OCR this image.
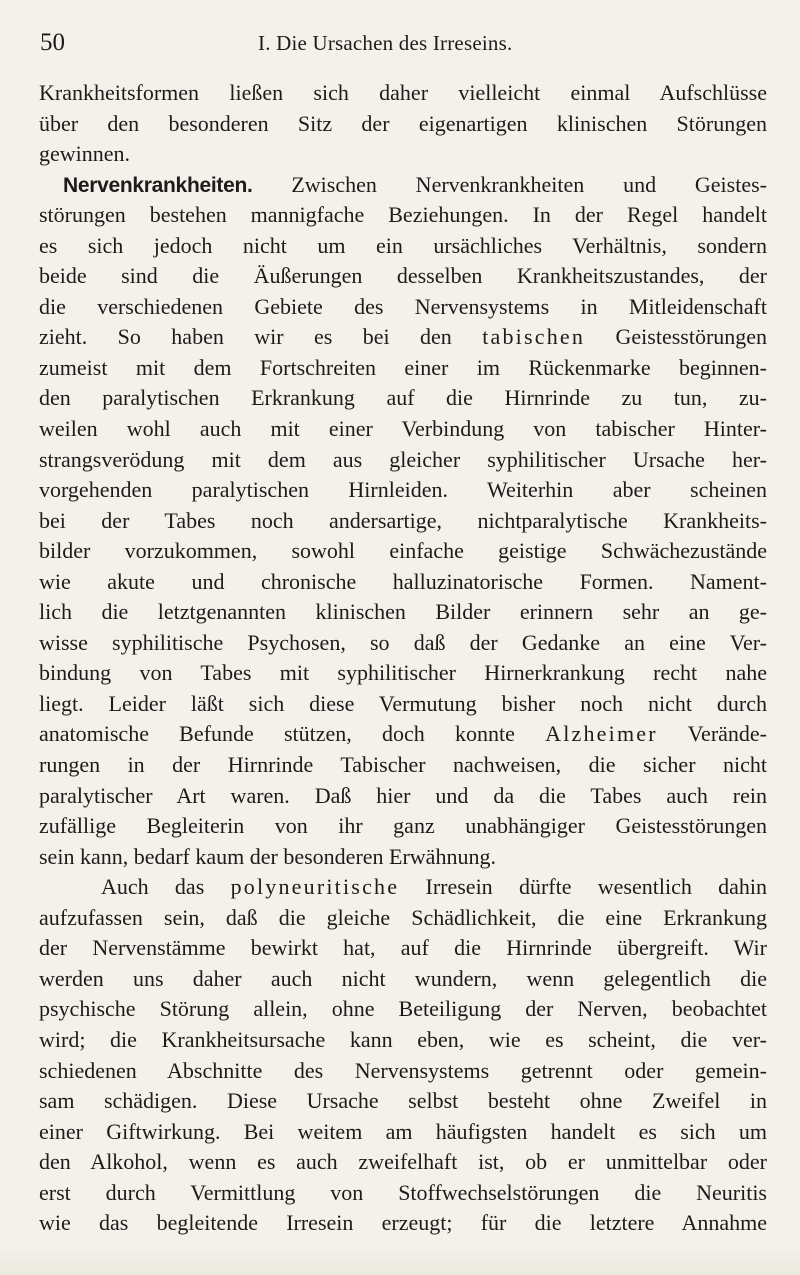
50	I. Die Ursachen des Irreseins.
Krankheitsformen ließen sich daher vielleicht einmal Aufschlüsse
über den besonderen Sitz der eigenartigen klinischen Störungen
gewinnen.
Nervenkrankheiten. Zwischen Nervenkrankheiten und Geistes-
störungen bestehen mannigfache Beziehungen. In der Regel handelt
es sich jedoch nicht um ein ursächliches Verhältnis, sondern
beide sind die Äußerungen desselben Krankheitszustandes, der
die verschiedenen Gebiete des Nervensystems in Mitleidenschaft
zieht. So haben wir es bei den tabischen Geistesstörungen
zumeist mit dem Fortschreiten einer im Rückenmarke beginnen-
den paralytischen Erkrankung auf die Hirnrinde zu tun, zu-
weilen wohl auch mit einer Verbindung von tabischer Hinter-
strangsverödung mit dem aus gleicher syphilitischer Ursache her-
vorgehenden paralytischen Hirnleiden. Weiterhin aber scheinen
bei der Tabes noch andersartige, nichtparalytische Krankheits-
bilder vorzukommen, sowohl einfache geistige Schwächezustände
wie akute und chronische halluzinatorische Formen. Nament-
lich die letztgenannten klinischen Bilder erinnern sehr an ge-
wisse syphilitische Psychosen, so daß der Gedanke an eine Ver-
bindung von Tabes mit syphilitischer Hirnerkrankung recht nahe
liegt. Leider läßt sich diese Vermutung bisher noch nicht durch
anatomische Befunde stützen, doch konnte Alzheimer Verände-
rungen in der Hirnrinde Tabischer nachweisen, die sicher nicht
paralytischer Art waren. Daß hier und da die Tabes auch rein
zufällige Begleiterin von ihr ganz unabhängiger Geistesstörungen
sein kann, bedarf kaum der besonderen Erwähnung.
Auch das polyneuritische Irresein dürfte wesentlich dahin
aufzufassen sein, daß die gleiche Schädlichkeit, die eine Erkrankung
der Nervenstämme bewirkt hat, auf die Hirnrinde übergreift. Wir
werden uns daher auch nicht wundern, wenn gelegentlich die
psychische Störung allein, ohne Beteiligung der Nerven, beobachtet
wird; die Krankheitsursache kann eben, wie es scheint, die ver-
schiedenen Abschnitte des Nervensystems getrennt oder gemein-
sam schädigen. Diese Ursache selbst besteht ohne Zweifel in
einer Giftwirkung. Bei weitem am häufigsten handelt es sich um
den Alkohol, wenn es auch zweifelhaft ist, ob er unmittelbar oder
erst durch Vermittlung von Stoffwechselstörungen die Neuritis
wie das begleitende Irresein erzeugt; für die letztere Annahme
